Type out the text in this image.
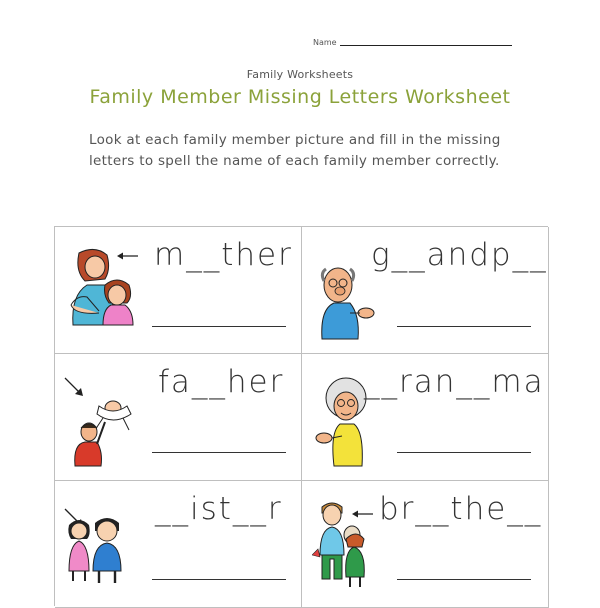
Name
Family Worksheets
Family Member Missing Letters Worksheet
Look at each family member picture and fill in the missing letters to spell the name of each family member correctly.
m__ther	g__andp__
fa__her	__ran__ma
__ist__r	br__the__
